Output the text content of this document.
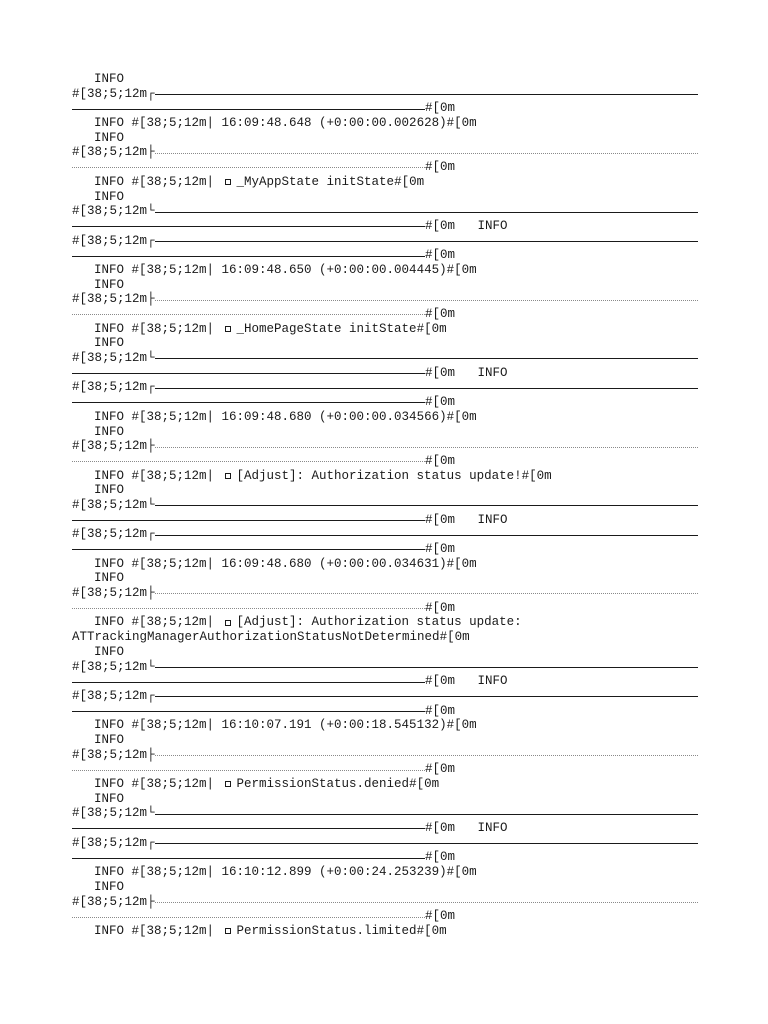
INFO
#[38;5;12m┌
#[0m
INFO #[38;5;12m| 16:09:48.648 (+0:00:00.002628) #[0m
INFO
#[38;5;12m├
#[0m
INFO #[38;5;12m| _MyAppState initState #[0m
INFO
#[38;5;12m└
#[0m INFO
#[38;5;12m┌
#[0m
INFO #[38;5;12m| 16:09:48.650 (+0:00:00.004445) #[0m
INFO
#[38;5;12m├
#[0m
INFO #[38;5;12m| _HomePageState initState #[0m
INFO
#[38;5;12m└
#[0m INFO
#[38;5;12m┌
#[0m
INFO #[38;5;12m| 16:09:48.680 (+0:00:00.034566) #[0m
INFO
#[38;5;12m├
#[0m
INFO #[38;5;12m| [Adjust]: Authorization status update! #[0m
INFO
#[38;5;12m└
#[0m INFO
#[38;5;12m┌
#[0m
INFO #[38;5;12m| 16:09:48.680 (+0:00:00.034631) #[0m
INFO
#[38;5;12m├
#[0m
INFO #[38;5;12m| [Adjust]: Authorization status update:
ATTrackingManagerAuthorizationStatusNotDetermined #[0m
INFO
#[38;5;12m└
#[0m INFO
#[38;5;12m┌
#[0m
INFO #[38;5;12m| 16:10:07.191 (+0:00:18.545132) #[0m
INFO
#[38;5;12m├
#[0m
INFO #[38;5;12m| PermissionStatus.denied #[0m
INFO
#[38;5;12m└
#[0m INFO
#[38;5;12m┌
#[0m
INFO #[38;5;12m| 16:10:12.899 (+0:00:24.253239) #[0m
INFO
#[38;5;12m├
#[0m
INFO #[38;5;12m| PermissionStatus.limited #[0m
